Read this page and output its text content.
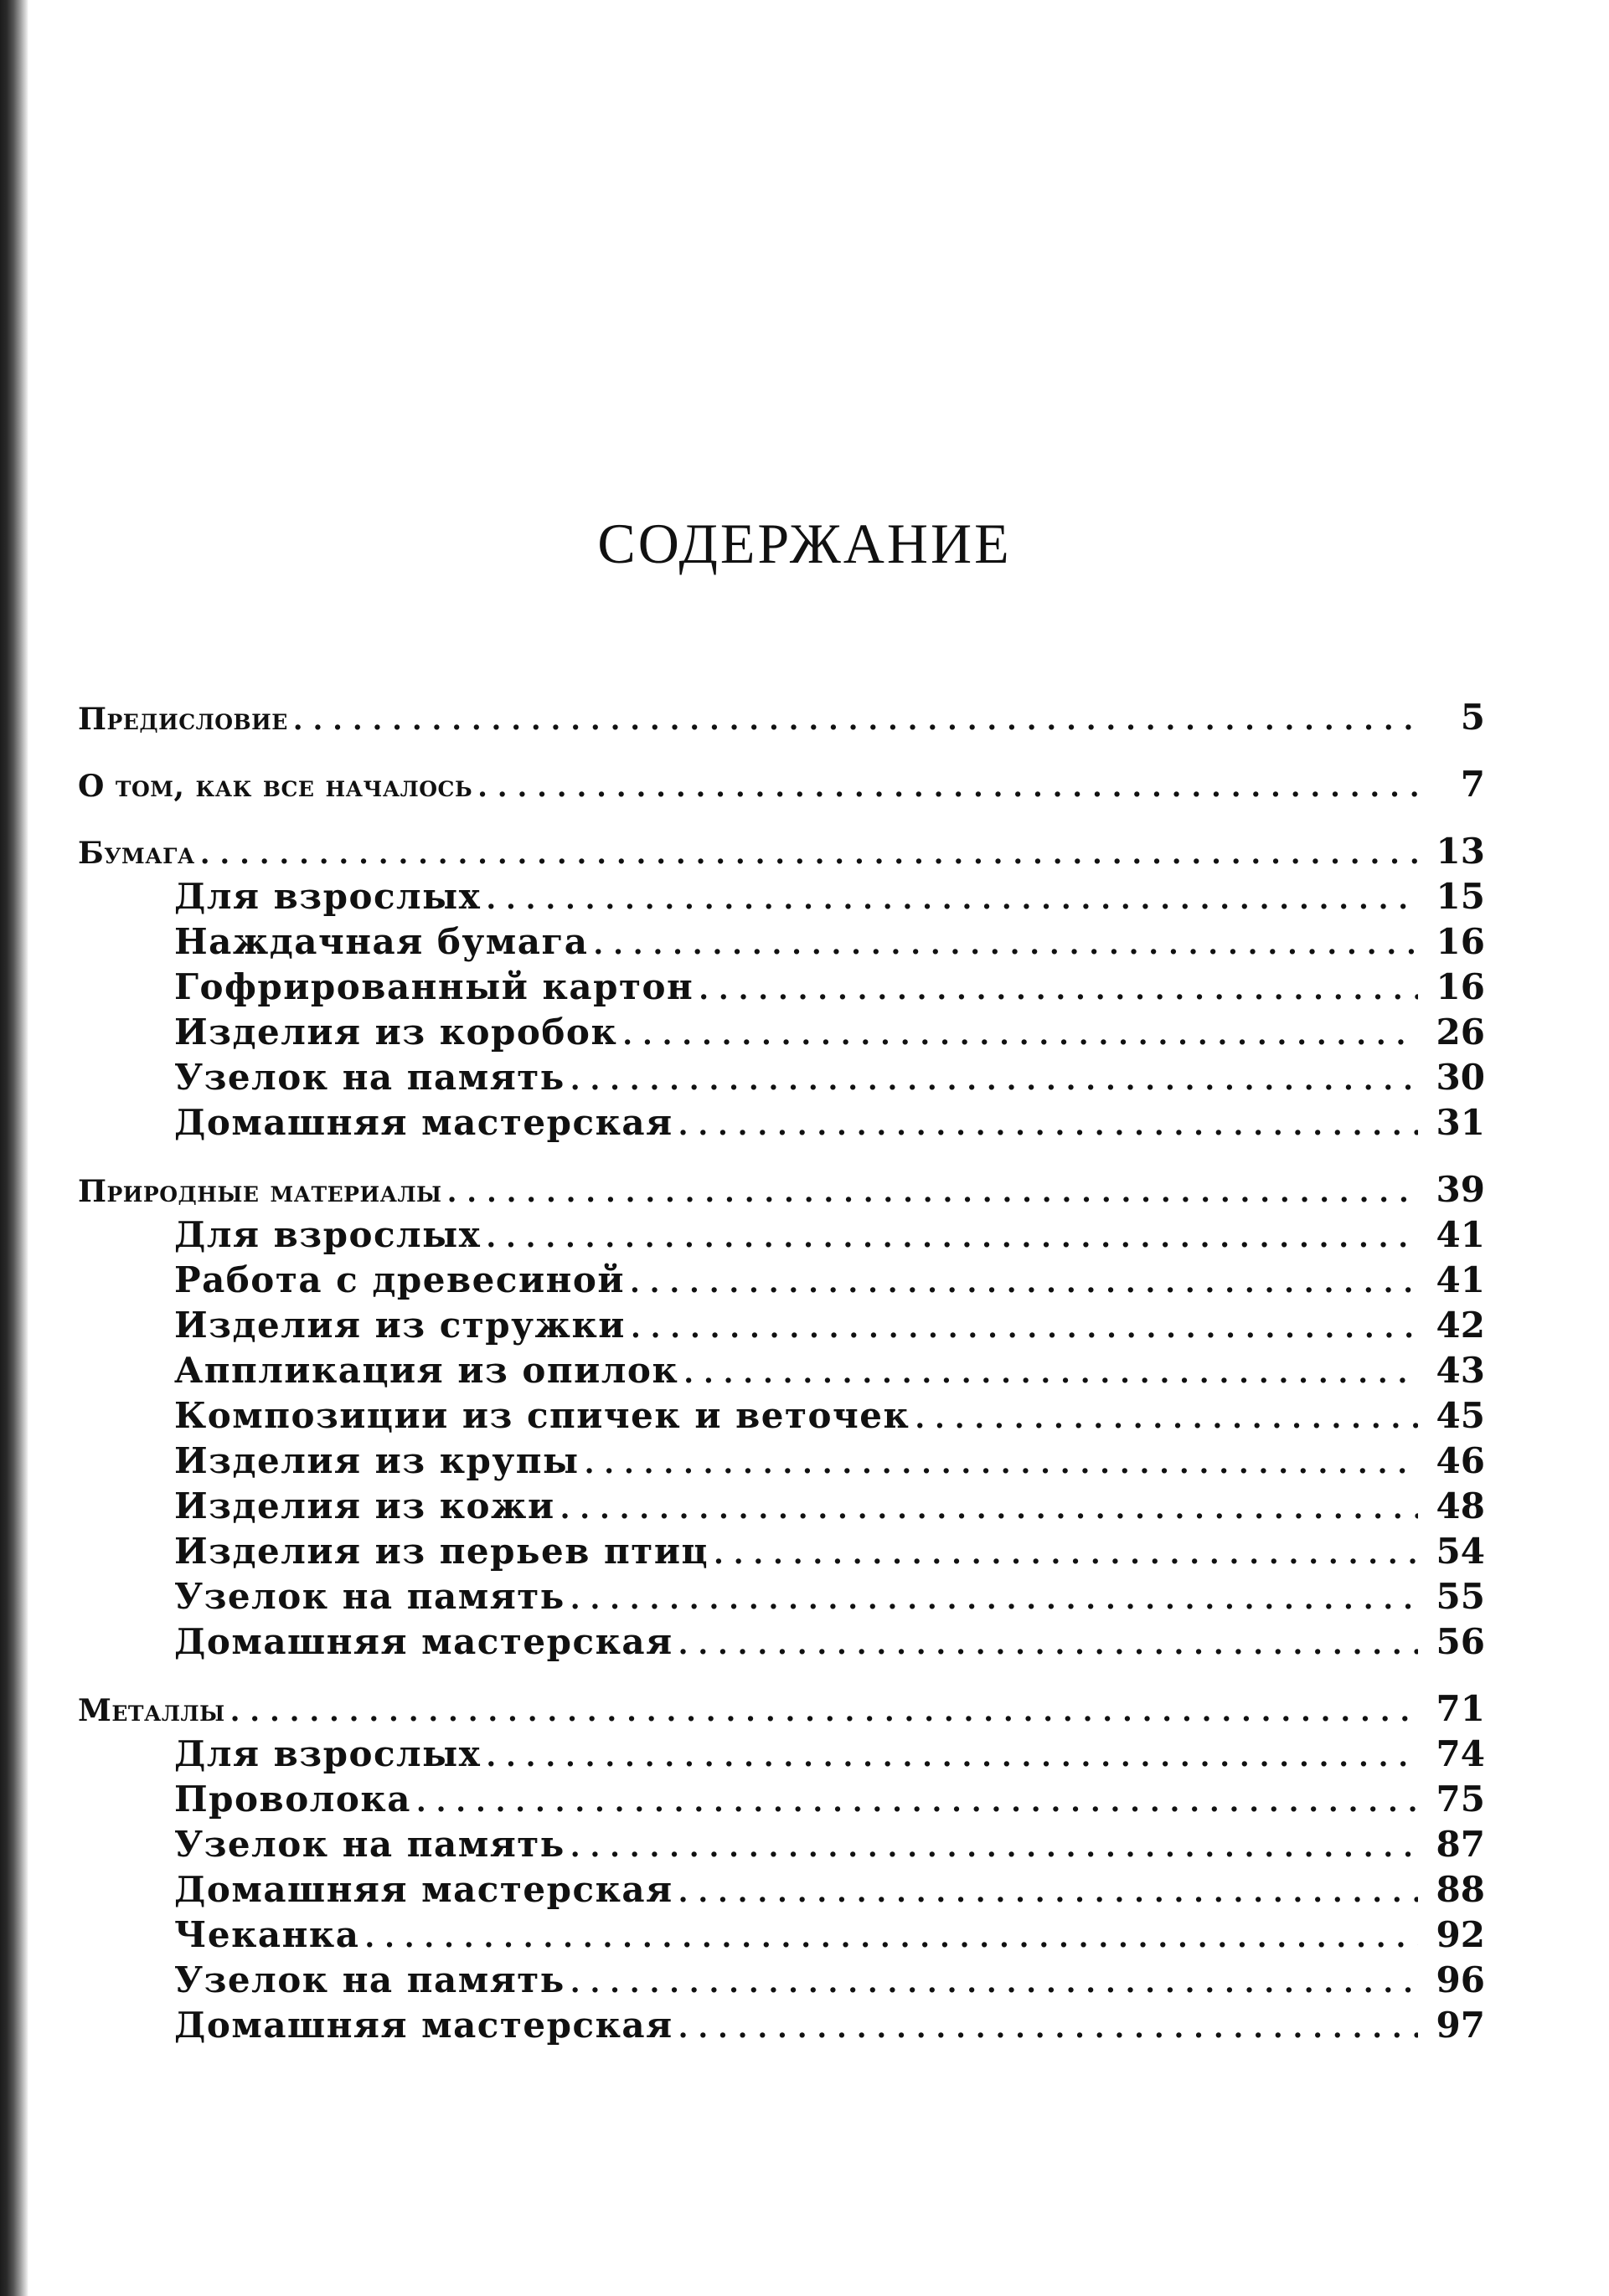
СОДЕРЖАНИЕ
Предисловие . . .	5
О том, как все началось . . .	7
Бумага . . .	13
Для взрослых . . .	15
Наждачная бумага . . .	16
Гофрированный картон . . .	16
Изделия из коробок . . .	26
Узелок на память . . .	30
Домашняя мастерская . . .	31
Природные материалы . . .	39
Для взрослых . . .	41
Работа с древесиной . . .	41
Изделия из стружки . . .	42
Аппликация из опилок . . .	43
Композиции из спичек и веточек . . .	45
Изделия из крупы . . .	46
Изделия из кожи . . .	48
Изделия из перьев птиц . . .	54
Узелок на память . . .	55
Домашняя мастерская . . .	56
Металлы . . .	71
Для взрослых . . .	74
Проволока . . .	75
Узелок на память . . .	87
Домашняя мастерская . . .	88
Чеканка . . .	92
Узелок на память . . .	96
Домашняя мастерская . . .	97
